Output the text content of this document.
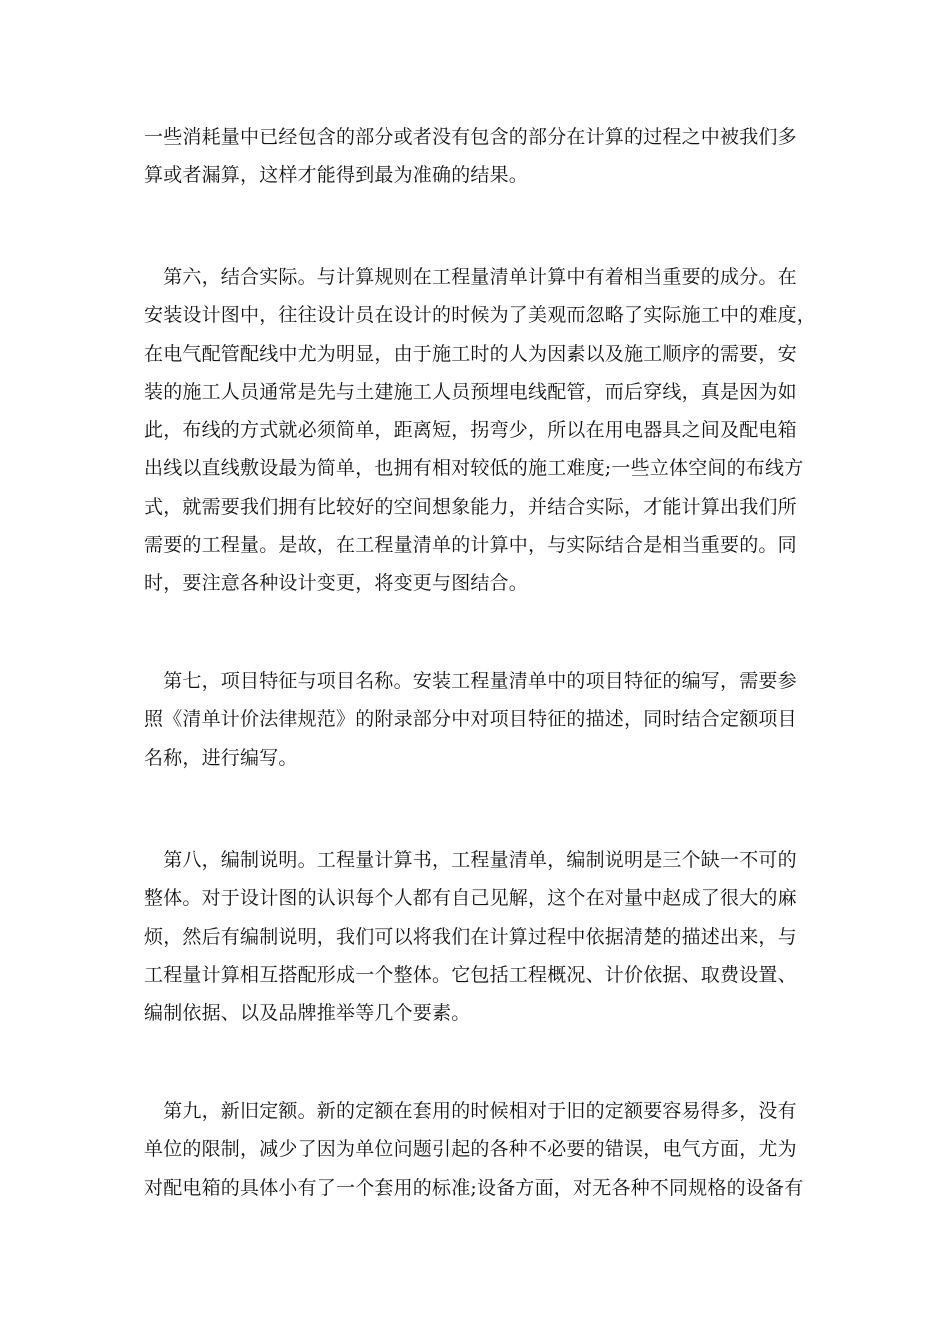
一些消耗量中已经包含的部分或者没有包含的部分在计算的过程之中被我们多
算或者漏算，这样才能得到最为准确的结果。
　第六，结合实际。与计算规则在工程量清单计算中有着相当重要的成分。在
安装设计图中，往往设计员在设计的时候为了美观而忽略了实际施工中的难度，
在电气配管配线中尤为明显，由于施工时的人为因素以及施工顺序的需要，安
装的施工人员通常是先与土建施工人员预埋电线配管，而后穿线，真是因为如
此，布线的方式就必须简单，距离短，拐弯少，所以在用电器具之间及配电箱
出线以直线敷设最为简单，也拥有相对较低的施工难度;一些立体空间的布线方
式，就需要我们拥有比较好的空间想象能力，并结合实际，才能计算出我们所
需要的工程量。是故，在工程量清单的计算中，与实际结合是相当重要的。同
时，要注意各种设计变更，将变更与图结合。
　第七，项目特征与项目名称。安装工程量清单中的项目特征的编写，需要参
照《清单计价法律规范》的附录部分中对项目特征的描述，同时结合定额项目
名称，进行编写。
　第八，编制说明。工程量计算书，工程量清单，编制说明是三个缺一不可的
整体。对于设计图的认识每个人都有自己见解，这个在对量中赵成了很大的麻
烦，然后有编制说明，我们可以将我们在计算过程中依据清楚的描述出来，与
工程量计算相互搭配形成一个整体。它包括工程概况、计价依据、取费设置、
编制依据、以及品牌推举等几个要素。
　第九，新旧定额。新的定额在套用的时候相对于旧的定额要容易得多，没有
单位的限制，减少了因为单位问题引起的各种不必要的错误，电气方面，尤为
对配电箱的具体小有了一个套用的标准;设备方面，对无各种不同规格的设备有
